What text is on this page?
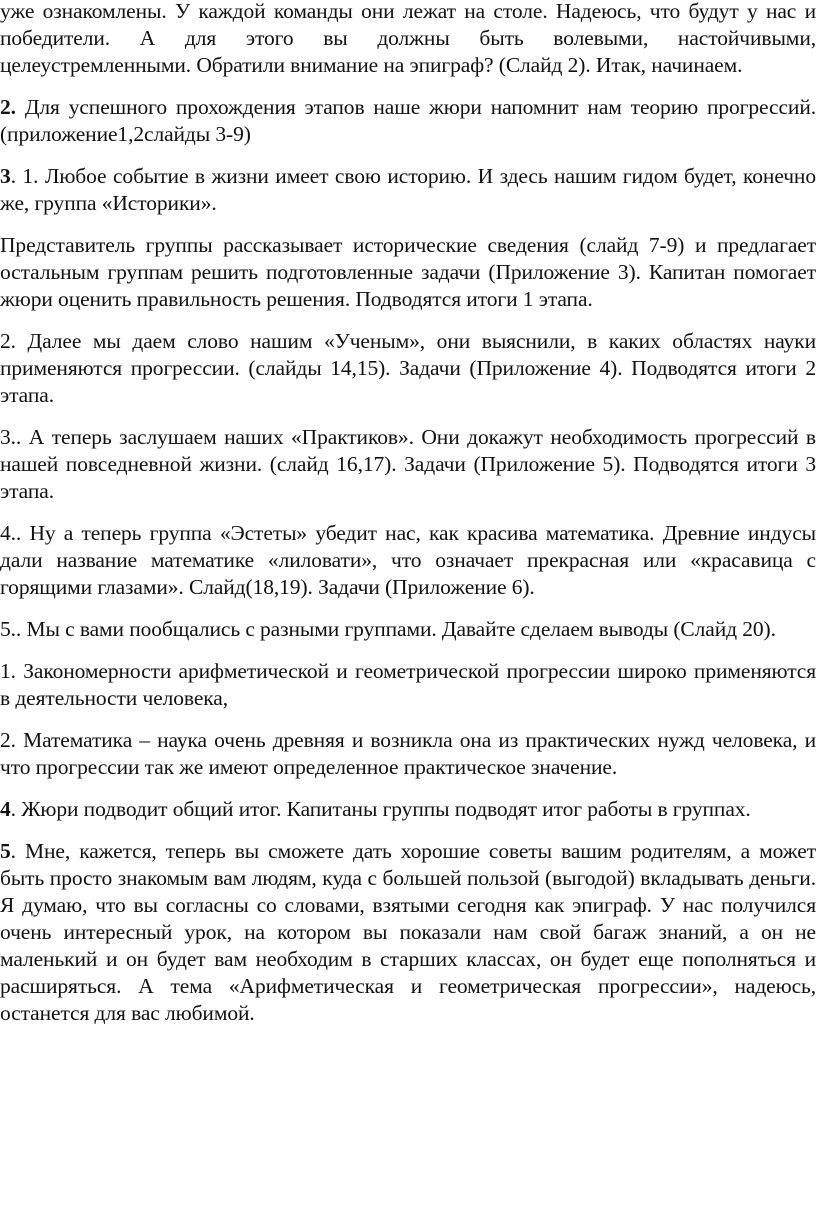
уже ознакомлены. У каждой команды они лежат на столе. Надеюсь, что будут у нас и победители. А для этого вы должны быть волевыми, настойчивыми, целеустремленными. Обратили внимание на эпиграф? (Слайд 2). Итак, начинаем.

2. Для успешного прохождения этапов наше жюри напомнит нам теорию прогрессий. (приложение1,2слайды 3-9)

3. 1. Любое событие в жизни имеет свою историю. И здесь нашим гидом будет, конечно же, группа «Историки».

Представитель группы рассказывает исторические сведения (слайд 7-9) и предлагает остальным группам решить подготовленные задачи (Приложение 3). Капитан помогает жюри оценить правильность решения. Подводятся итоги 1 этапа.

2. Далее мы даем слово нашим «Ученым», они выяснили, в каких областях науки применяются прогрессии. (слайды 14,15). Задачи (Приложение 4). Подводятся итоги 2 этапа.

3.. А теперь заслушаем наших «Практиков». Они докажут необходимость прогрессий в нашей повседневной жизни. (слайд 16,17). Задачи (Приложение 5). Подводятся итоги 3 этапа.

4.. Ну а теперь группа «Эстеты» убедит нас, как красива математика. Древние индусы дали название математике «лиловати», что означает прекрасная или «красавица с горящими глазами». Слайд(18,19). Задачи (Приложение 6).

5.. Мы с вами пообщались с разными группами. Давайте сделаем выводы (Слайд 20).

1. Закономерности арифметической и геометрической прогрессии широко применяются в деятельности человека,

2. Математика – наука очень древняя и возникла она из практических нужд человека, и что прогрессии так же имеют определенное практическое значение.

4. Жюри подводит общий итог. Капитаны группы подводят итог работы в группах.

5. Мне, кажется, теперь вы сможете дать хорошие советы вашим родителям, а может быть просто знакомым вам людям, куда с большей пользой (выгодой) вкладывать деньги. Я думаю, что вы согласны со словами, взятыми сегодня как эпиграф. У нас получился очень интересный урок, на котором вы показали нам свой багаж знаний, а он не маленький и он будет вам необходим в старших классах, он будет еще пополняться и расширяться. А тема «Арифметическая и геометрическая прогрессии», надеюсь, останется для вас любимой.
